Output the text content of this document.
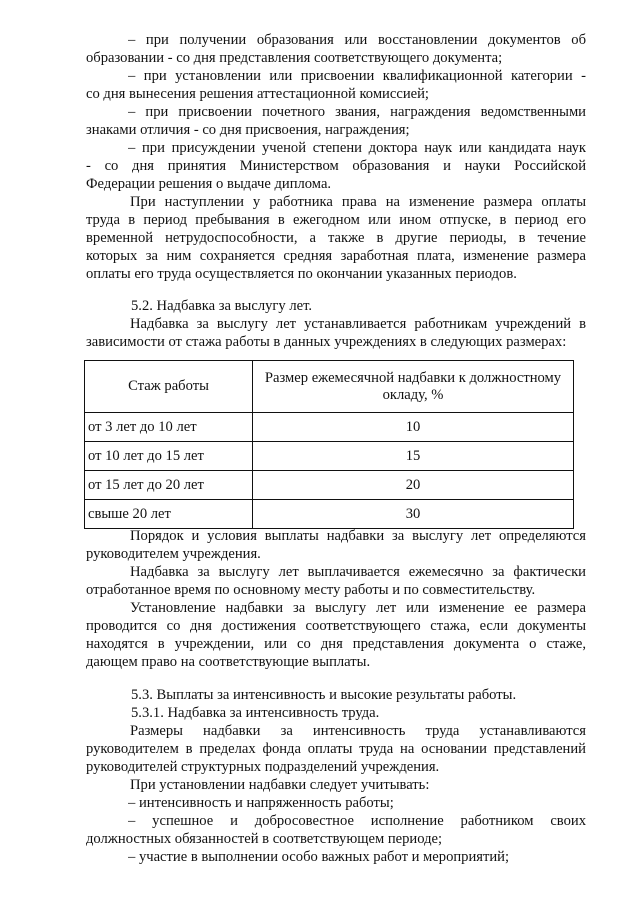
– при получении образования или восстановлении документов об
образовании - со дня представления соответствующего документа;
– при установлении или присвоении квалификационной категории -
со дня вынесения решения аттестационной комиссией;
– при присвоении почетного звания, награждения ведомственными
знаками отличия - со дня присвоения, награждения;
– при присуждении ученой степени доктора наук или кандидата наук
- со дня принятия Министерством образования и науки Российской
Федерации решения о выдаче диплома.
При наступлении у работника права на изменение размера оплаты
труда в период пребывания в ежегодном или ином отпуске, в период его
временной нетрудоспособности, а также в другие периоды, в течение
которых за ним сохраняется средняя заработная плата, изменение размера
оплаты его труда осуществляется по окончании указанных периодов.
5.2. Надбавка за выслугу лет.
Надбавка за выслугу лет устанавливается работникам учреждений в
зависимости от стажа работы в данных учреждениях в следующих размерах:
Стаж работы	Размер ежемесячной надбавки к должностному
окладу, %
от 3 лет до 10 лет	10
от 10 лет до 15 лет	15
от 15 лет до 20 лет	20
свыше 20 лет	30
Порядок и условия выплаты надбавки за выслугу лет определяются
руководителем учреждения.
Надбавка за выслугу лет выплачивается ежемесячно за фактически
отработанное время по основному месту работы и по совместительству.
Установление надбавки за выслугу лет или изменение ее размера
проводится со дня достижения соответствующего стажа, если документы
находятся в учреждении, или со дня представления документа о стаже,
дающем право на соответствующие выплаты.
5.3. Выплаты за интенсивность и высокие результаты работы.
5.3.1. Надбавка за интенсивность труда.
Размеры надбавки за интенсивность труда устанавливаются
руководителем в пределах фонда оплаты труда на основании представлений
руководителей структурных подразделений учреждения.
При установлении надбавки следует учитывать:
– интенсивность и напряженность работы;
– успешное и добросовестное исполнение работником своих
должностных обязанностей в соответствующем периоде;
– участие в выполнении особо важных работ и мероприятий;
